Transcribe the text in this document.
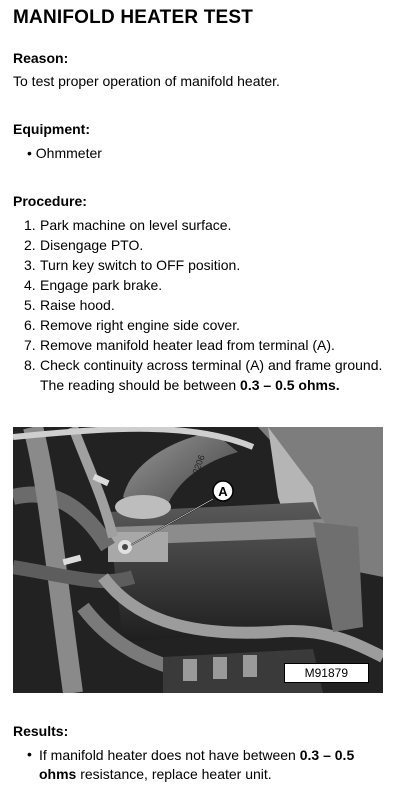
MANIFOLD HEATER TEST
Reason:

To test proper operation of manifold heater.

Equipment:

• Ohmmeter

Procedure:
1. Park machine on level surface.
2. Disengage PTO.
3. Turn key switch to OFF position.
4. Engage park brake.
5. Raise hood.
6. Remove right engine side cover.
7. Remove manifold heater lead from terminal (A).
8. Check continuity across terminal (A) and frame ground. The reading should be between 0.3 – 0.5 ohms.
0206
A
M91879
Results:
• If manifold heater does not have between 0.3 – 0.5 ohms resistance, replace heater unit.
